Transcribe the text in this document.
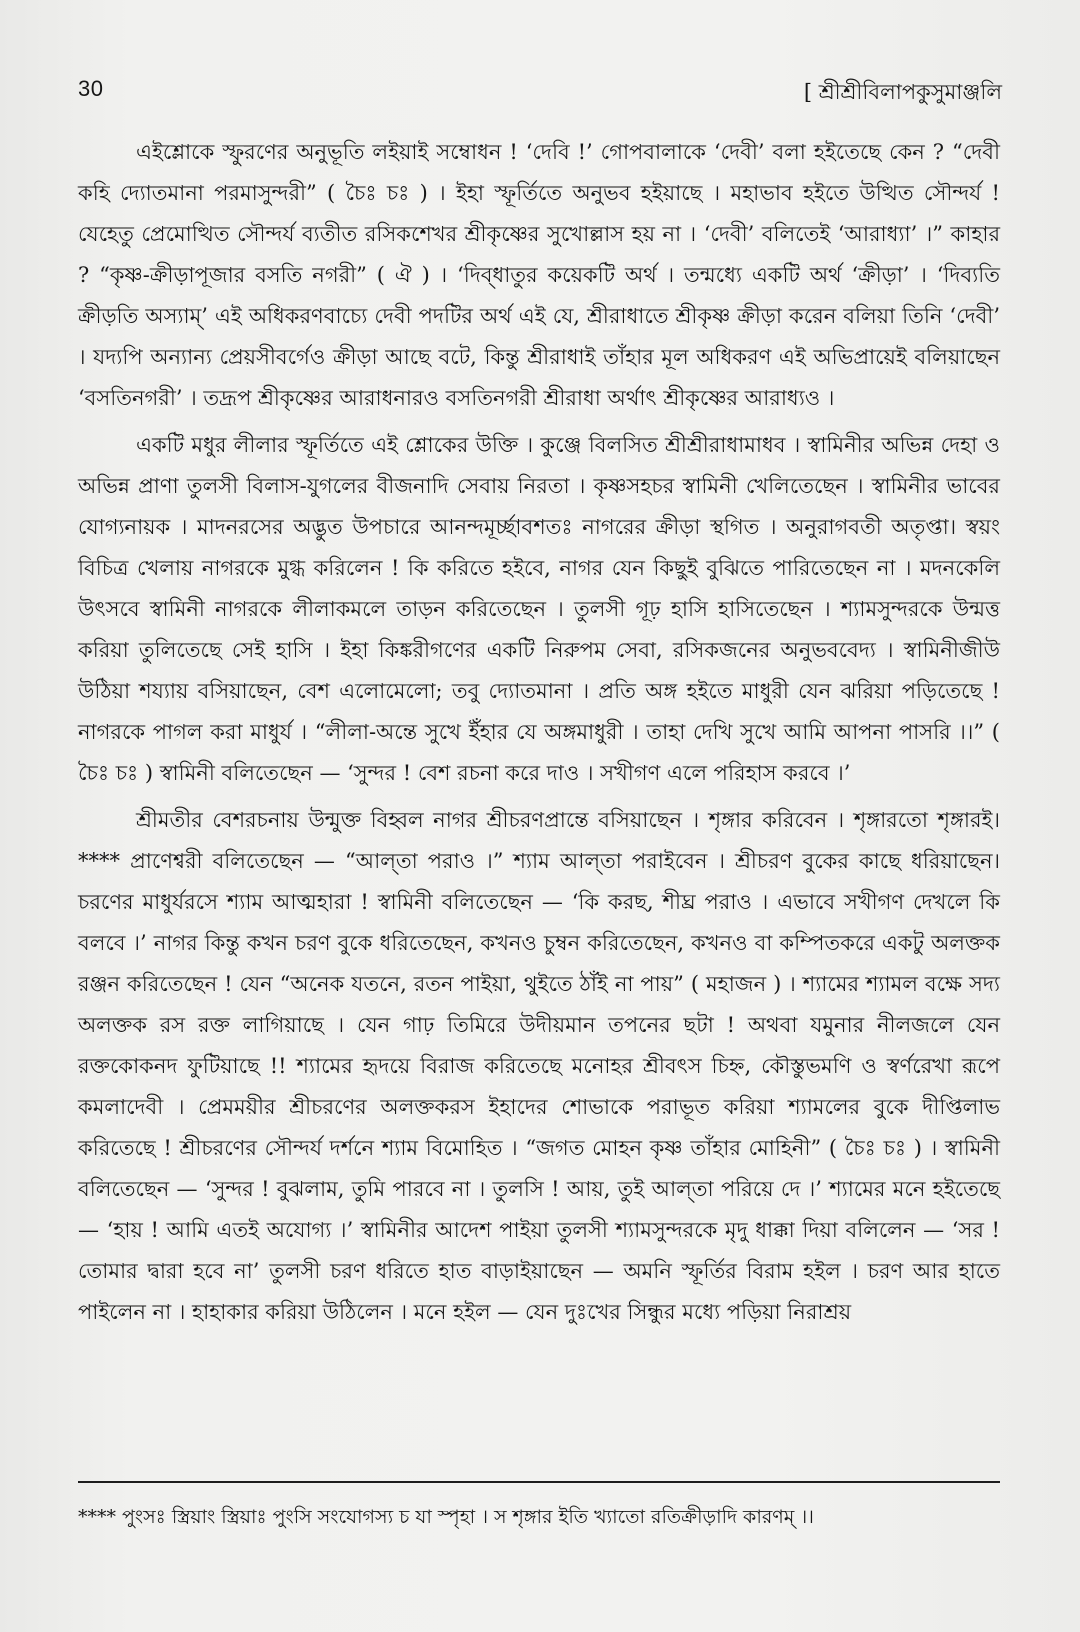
30	[ শ্রীশ্রীবিলাপকুসুমাঞ্জলি

এইশ্লোকে স্ফুরণের অনুভূতি লইয়াই সম্বোধন ! ‘দেবি !’ গোপবালাকে ‘দেবী’ বলা হইতেছে কেন ? “দেবী কহি দ্যোতমানা পরমাসুন্দরী” ( চৈঃ চঃ ) । ইহা স্ফূর্তিতে অনুভব হইয়াছে । মহাভাব হইতে উত্থিত সৌন্দর্য ! যেহেতু প্রেমোত্থিত সৌন্দর্য ব্যতীত রসিকশেখর শ্রীকৃষ্ণের সুখোল্লাস হয় না । ‘দেবী’ বলিতেই ‘আরাধ্যা’ ।” কাহার ? “কৃষ্ণ-ক্রীড়াপূজার বসতি নগরী” ( ঐ ) । ‘দিব্‌ধাতুর কয়েকটি অর্থ । তন্মধ্যে একটি অর্থ ‘ক্রীড়া’ । ‘দিব্যতি ক্রীড়তি অস্যাম্’ এই অধিকরণবাচ্যে দেবী পদটির অর্থ এই যে, শ্রীরাধাতে শ্রীকৃষ্ণ ক্রীড়া করেন বলিয়া তিনি ‘দেবী’ । যদ্যপি অন্যান্য প্রেয়সীবর্গেও ক্রীড়া আছে বটে, কিন্তু শ্রীরাধাই তাঁহার মূল অধিকরণ এই অভিপ্রায়েই বলিয়াছেন ‘বসতিনগরী’ । তদ্রূপ শ্রীকৃষ্ণের আরাধনারও বসতিনগরী শ্রীরাধা অর্থাৎ শ্রীকৃষ্ণের আরাধ্যও ।

একটি মধুর লীলার স্ফূর্তিতে এই শ্লোকের উক্তি । কুঞ্জে বিলসিত শ্রীশ্রীরাধামাধব । স্বামিনীর অভিন্ন দেহা ও অভিন্ন প্রাণা তুলসী বিলাস-যুগলের বীজনাদি সেবায় নিরতা । কৃষ্ণসহচর স্বামিনী খেলিতেছেন । স্বামিনীর ভাবের যোগ্যনায়ক । মাদনরসের অদ্ভুত উপচারে আনন্দমূর্চ্ছাবশতঃ নাগরের ক্রীড়া স্থগিত । অনুরাগবতী অতৃপ্তা। স্বয়ং বিচিত্র খেলায় নাগরকে মুগ্ধ করিলেন ! কি করিতে হইবে, নাগর যেন কিছুই বুঝিতে পারিতেছেন না । মদনকেলি উৎসবে স্বামিনী নাগরকে লীলাকমলে তাড়ন করিতেছেন । তুলসী গূঢ় হাসি হাসিতেছেন । শ্যামসুন্দরকে উন্মত্ত করিয়া তুলিতেছে সেই হাসি । ইহা কিঙ্করীগণের একটি নিরুপম সেবা, রসিকজনের অনুভববেদ্য । স্বামিনীজীউ উঠিয়া শয্যায় বসিয়াছেন, বেশ এলোমেলো; তবু দ্যোতমানা । প্রতি অঙ্গ হইতে মাধুরী যেন ঝরিয়া পড়িতেছে ! নাগরকে পাগল করা মাধুর্য । “লীলা-অন্তে সুখে ইঁহার যে অঙ্গমাধুরী । তাহা দেখি সুখে আমি আপনা পাসরি ।।” ( চৈঃ চঃ ) স্বামিনী বলিতেছেন — ‘সুন্দর ! বেশ রচনা করে দাও । সখীগণ এলে পরিহাস করবে ।’

শ্রীমতীর বেশরচনায় উন্মুক্ত বিহ্বল নাগর শ্রীচরণপ্রান্তে বসিয়াছেন । শৃঙ্গার করিবেন । শৃঙ্গারতো শৃঙ্গারই। **** প্রাণেশ্বরী বলিতেছেন — “আল্‌তা পরাও ।” শ্যাম আল্‌তা পরাইবেন । শ্রীচরণ বুকের কাছে ধরিয়াছেন। চরণের মাধুর্যরসে শ্যাম আত্মহারা ! স্বামিনী বলিতেছেন — ‘কি করছ, শীঘ্র পরাও । এভাবে সখীগণ দেখলে কি বলবে ।’ নাগর কিন্তু কখন চরণ বুকে ধরিতেছেন, কখনও চুম্বন করিতেছেন, কখনও বা কম্পিতকরে একটু অলক্তক রঞ্জন করিতেছেন ! যেন “অনেক যতনে, রতন পাইয়া, থুইতে ঠাঁই না পায়” ( মহাজন ) । শ্যামের শ্যামল বক্ষে সদ্য অলক্তক রস রক্ত লাগিয়াছে । যেন গাঢ় তিমিরে উদীয়মান তপনের ছটা ! অথবা যমুনার নীলজলে যেন রক্তকোকনদ ফুটিয়াছে !! শ্যামের হৃদয়ে বিরাজ করিতেছে মনোহর শ্রীবৎস চিহ্ন, কৌস্তুভমণি ও স্বর্ণরেখা রূপে কমলাদেবী । প্রেমময়ীর শ্রীচরণের অলক্তকরস ইহাদের শোভাকে পরাভূত করিয়া শ্যামলের বুকে দীপ্তিলাভ করিতেছে ! শ্রীচরণের সৌন্দর্য দর্শনে শ্যাম বিমোহিত । “জগত মোহন কৃষ্ণ তাঁহার মোহিনী” ( চৈঃ চঃ ) । স্বামিনী বলিতেছেন — ‘সুন্দর ! বুঝলাম, তুমি পারবে না । তুলসি ! আয়, তুই আল্‌তা পরিয়ে দে ।’ শ্যামের মনে হইতেছে — ‘হায় ! আমি এতই অযোগ্য ।’ স্বামিনীর আদেশ পাইয়া তুলসী শ্যামসুন্দরকে মৃদু ধাক্কা দিয়া বলিলেন — ‘সর ! তোমার দ্বারা হবে না’ তুলসী চরণ ধরিতে হাত বাড়াইয়াছেন — অমনি স্ফূর্তির বিরাম হইল । চরণ আর হাতে পাইলেন না । হাহাকার করিয়া উঠিলেন । মনে হইল — যেন দুঃখের সিন্ধুর মধ্যে পড়িয়া নিরাশ্রয়

**** পুংসঃ স্ত্রিয়াং স্ত্রিয়াঃ পুংসি সংযোগস্য চ যা স্পৃহা । স শৃঙ্গার ইতি খ্যাতো রতিক্রীড়াদি কারণম্ ।।
